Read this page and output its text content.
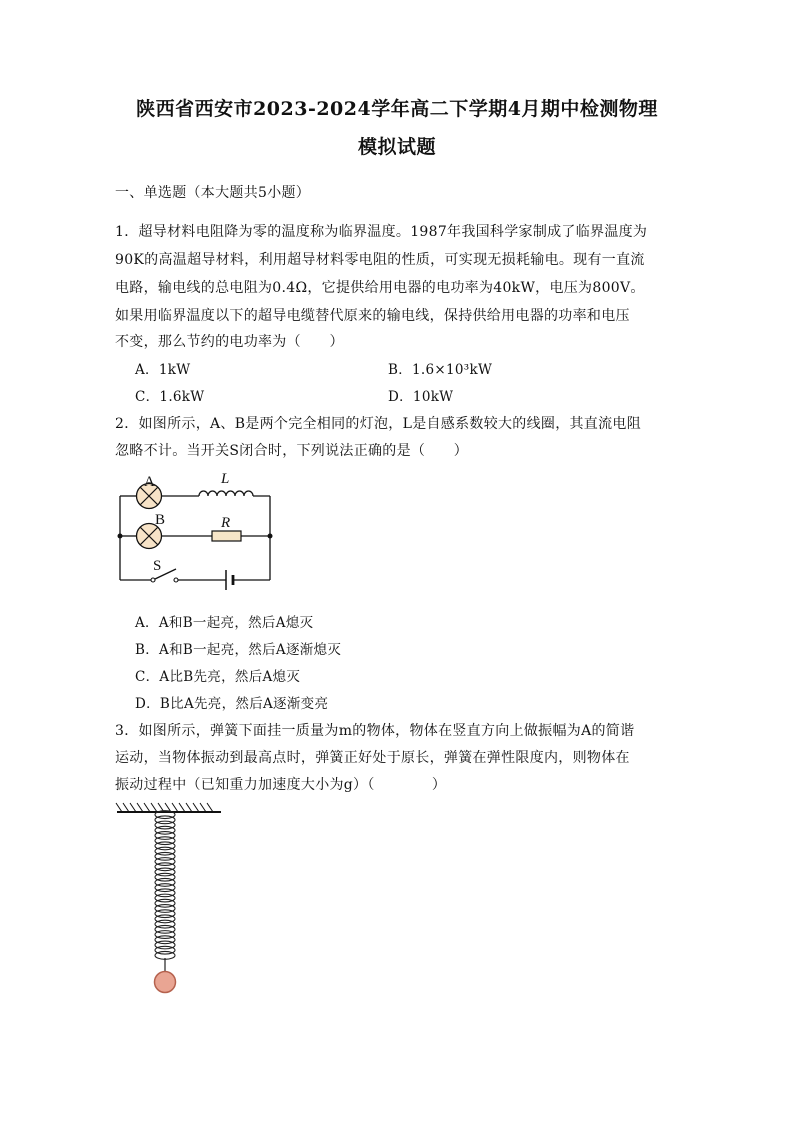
陕西省西安市2023-2024学年高二下学期4月期中检测物理
模拟试题
一、单选题（本大题共5小题）
1．超导材料电阻降为零的温度称为临界温度。1987年我国科学家制成了临界温度为
90K的高温超导材料，利用超导材料零电阻的性质，可实现无损耗输电。现有一直流
电路，输电线的总电阻为0.4Ω，它提供给用电器的电功率为40kW，电压为800V。
如果用临界温度以下的超导电缆替代原来的输电线，保持供给用电器的功率和电压
不变，那么节约的电功率为（　　）
A．1kW	B．1.6×10³kW
C．1.6kW	D．10kW
2．如图所示，A、B是两个完全相同的灯泡，L是自感系数较大的线圈，其直流电阻
忽略不计。当开关S闭合时，下列说法正确的是（　　）
A
B
L
R
S
A．A和B一起亮，然后A熄灭
B．A和B一起亮，然后A逐渐熄灭
C．A比B先亮，然后A熄灭
D．B比A先亮，然后A逐渐变亮
3．如图所示，弹簧下面挂一质量为m的物体，物体在竖直方向上做振幅为A的简谐
运动，当物体振动到最高点时，弹簧正好处于原长，弹簧在弹性限度内，则物体在
振动过程中（已知重力加速度大小为g）（　　　　）
